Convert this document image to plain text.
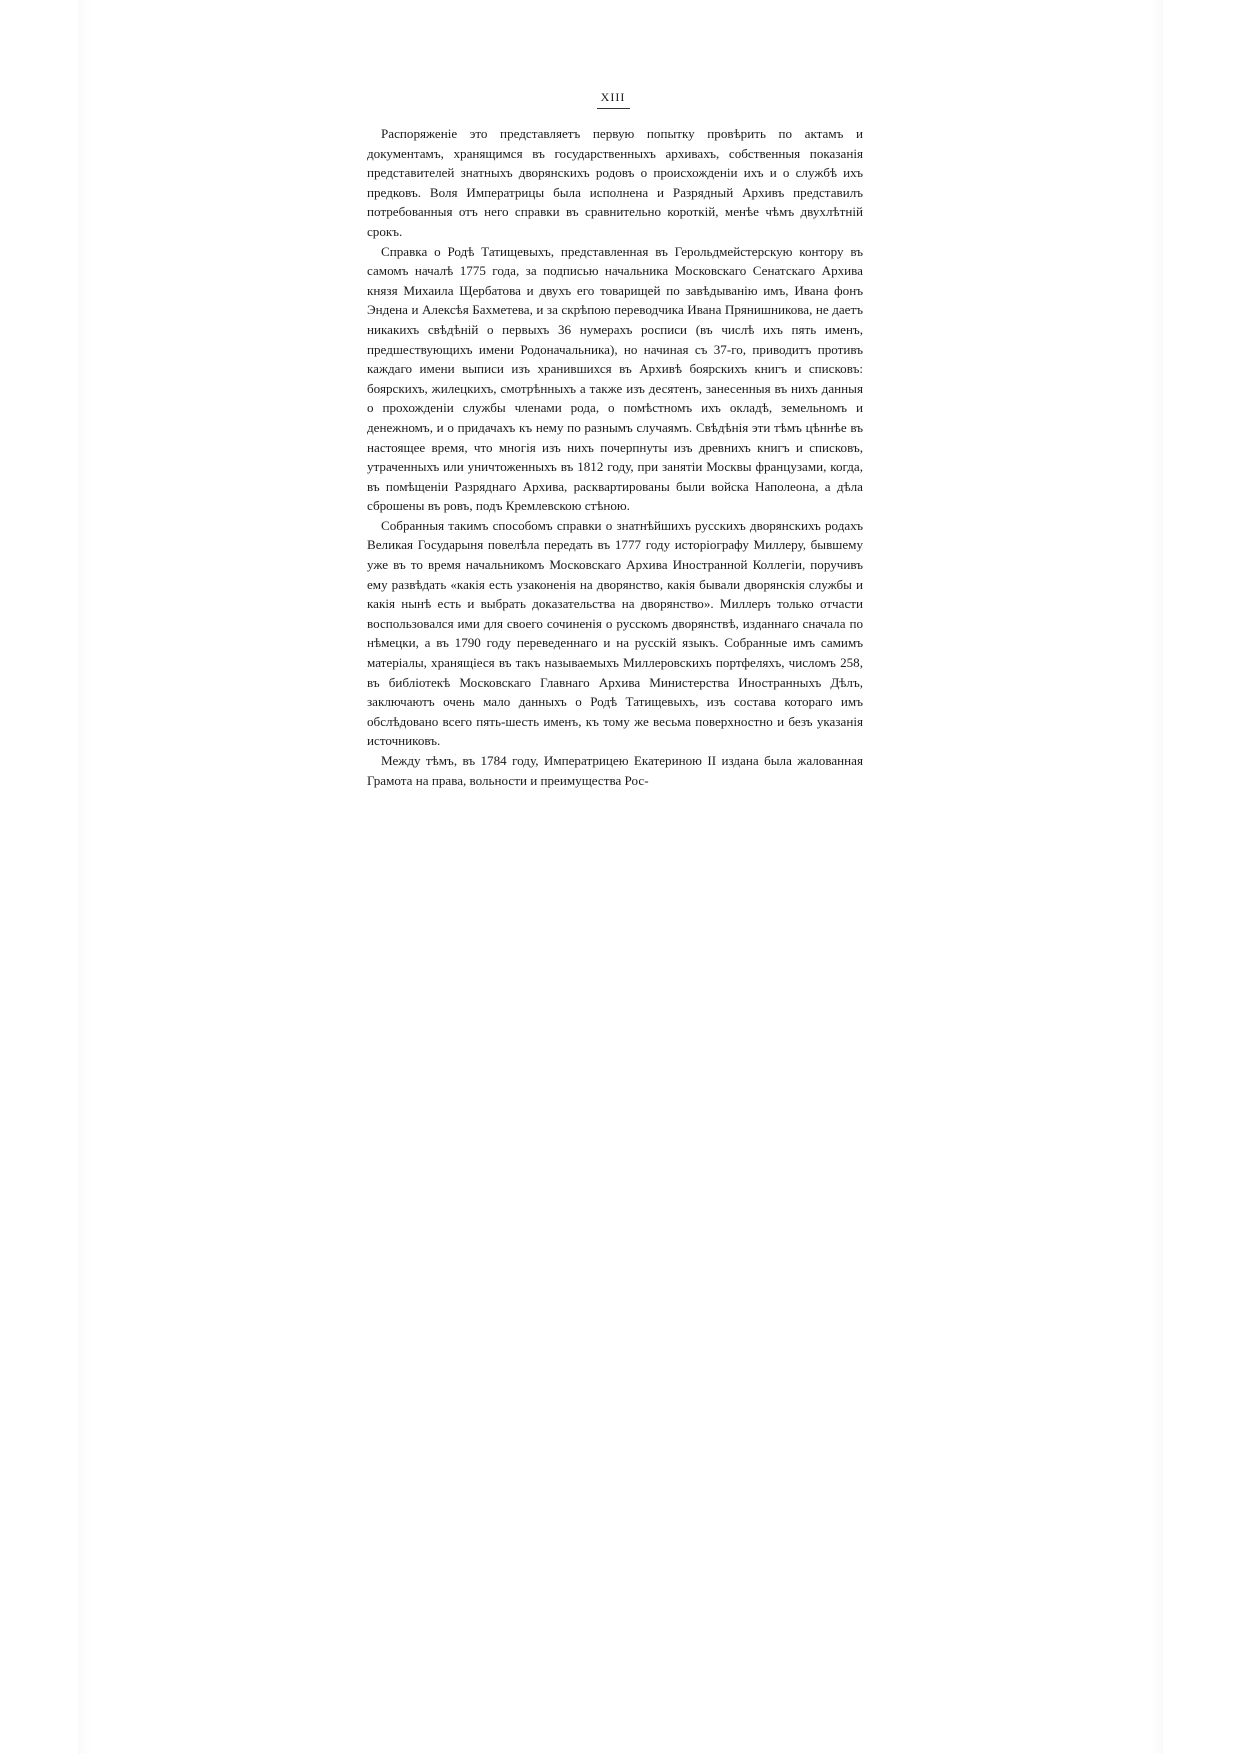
XIII

Распоряженіе это представляетъ первую попытку провѣрить по актамъ и документамъ, хранящимся въ государственныхъ архивахъ, собственныя показанія представителей знатныхъ дворянскихъ родовъ о происхожденіи ихъ и о службѣ ихъ предковъ. Воля Императрицы была исполнена и Разрядный Архивъ представилъ потребованныя отъ него справки въ сравнительно короткій, менѣе чѣмъ двухлѣтній срокъ.

Справка о Родѣ Татищевыхъ, представленная въ Герольдмейстерскую контору въ самомъ началѣ 1775 года, за подписью начальника Московскаго Сенатскаго Архива князя Михаила Щербатова и двухъ его товарищей по завѣдыванію имъ, Ивана фонъ Эндена и Алексѣя Бахметева, и за скрѣпою переводчика Ивана Прянишникова, не даетъ никакихъ свѣдѣній о первыхъ 36 нумерахъ росписи (въ числѣ ихъ пять именъ, предшествующихъ имени Родоначальника), но начиная съ 37-го, приводитъ противъ каждаго имени выписи изъ хранившихся въ Архивѣ боярскихъ книгъ и списковъ: боярскихъ, жилецкихъ, смотрѣнныхъ а также изъ десятенъ, занесенныя въ нихъ данныя о прохожденіи службы членами рода, о помѣстномъ ихъ окладѣ, земельномъ и денежномъ, и о придачахъ къ нему по разнымъ случаямъ. Свѣдѣнія эти тѣмъ цѣннѣе въ настоящее время, что многія изъ нихъ почерпнуты изъ древнихъ книгъ и списковъ, утраченныхъ или уничтоженныхъ въ 1812 году, при занятіи Москвы французами, когда, въ помѣщеніи Разряднаго Архива, расквартированы были войска Наполеона, а дѣла сброшены въ ровъ, подъ Кремлевскою стѣною.

Собранныя такимъ способомъ справки о знатнѣйшихъ русскихъ дворянскихъ родахъ Великая Государыня повелѣла передать въ 1777 году исторіографу Миллеру, бывшему уже въ то время начальникомъ Московскаго Архива Иностранной Коллегіи, поручивъ ему развѣдать «какія есть узаконенія на дворянство, какія бывали дворянскія службы и какія нынѣ есть и выбрать доказательства на дворянство». Миллеръ только отчасти воспользовался ими для своего сочиненія о русскомъ дворянствѣ, изданнаго сначала по нѣмецки, а въ 1790 году переведеннаго и на русскій языкъ. Собранные имъ самимъ матеріалы, хранящіеся въ такъ называемыхъ Миллеровскихъ портфеляхъ, числомъ 258, въ библіотекѣ Московскаго Главнаго Архива Министерства Иностранныхъ Дѣлъ, заключаютъ очень мало данныхъ о Родѣ Татищевыхъ, изъ состава котораго имъ обслѣдовано всего пять-шесть именъ, къ тому же весьма поверхностно и безъ указанія источниковъ.

Между тѣмъ, въ 1784 году, Императрицею Екатериною II издана была жалованная Грамота на права, вольности и преимущества Рос-
